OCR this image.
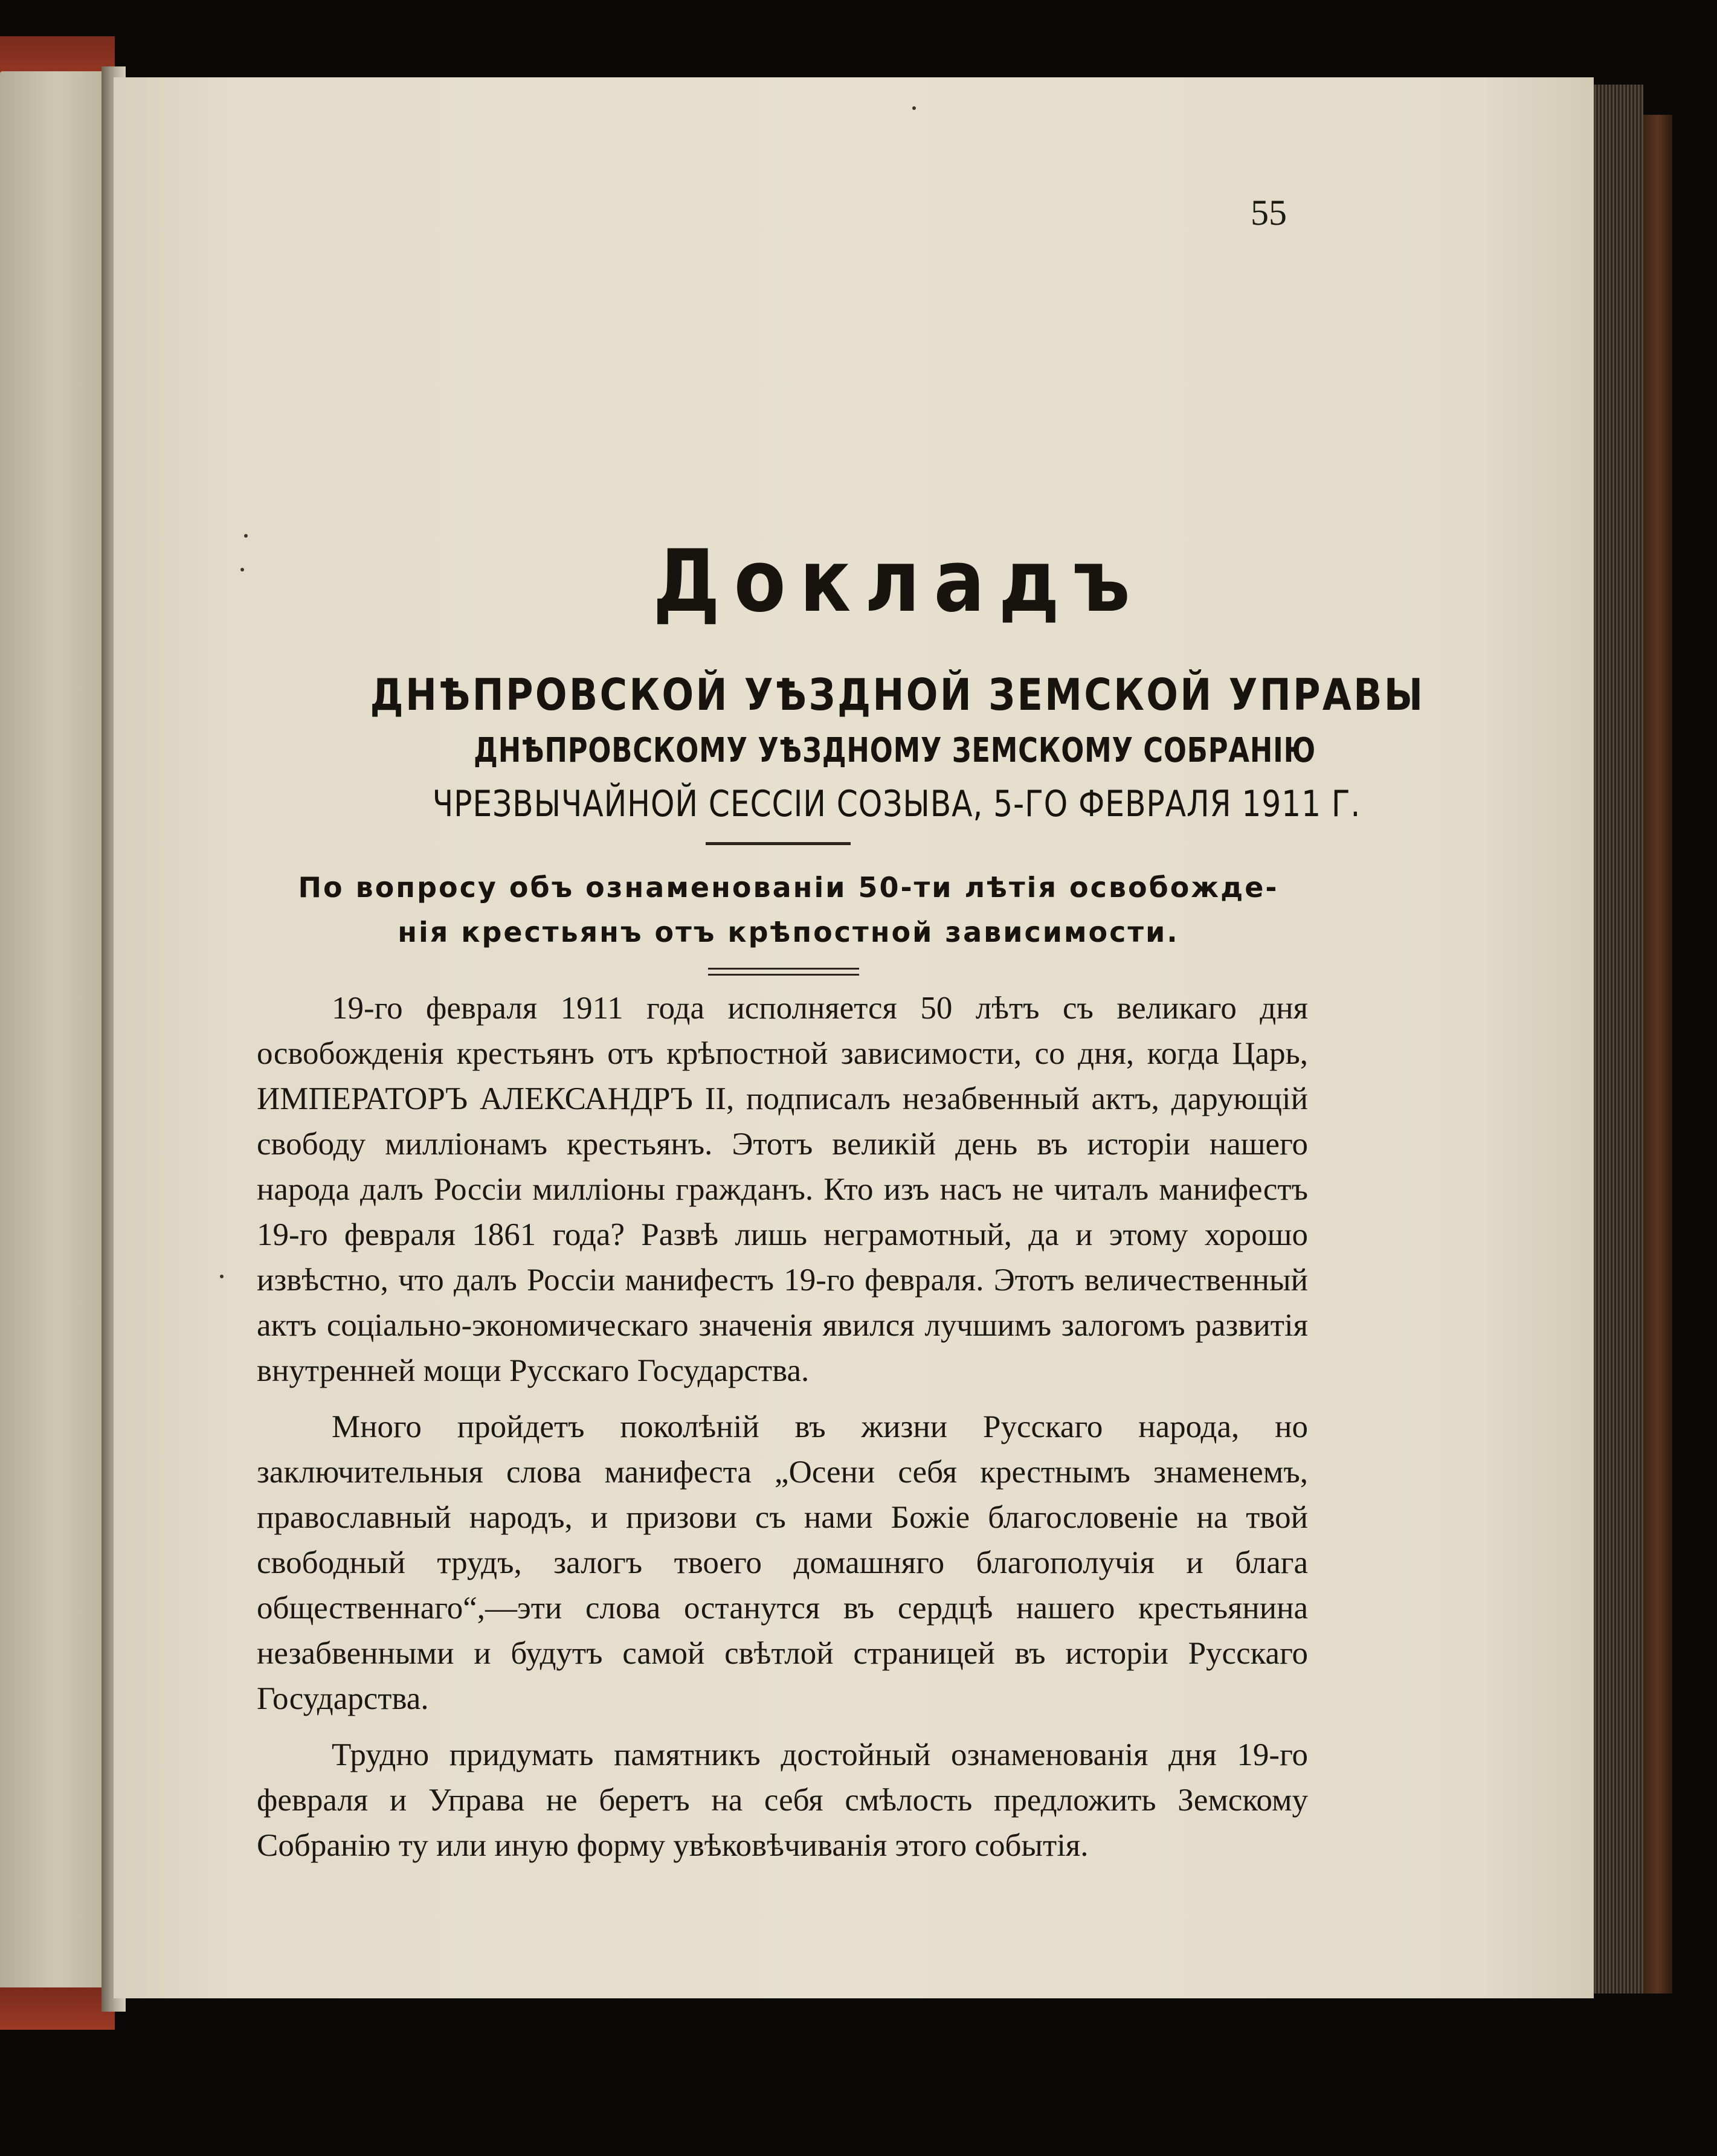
55
Докладъ
ДНѢПРОВСКОЙ УѢЗДНОЙ ЗЕМСКОЙ УПРАВЫ
ДНѢПРОВСКОМУ УѢЗДНОМУ ЗЕМСКОМУ СОБРАНІЮ
ЧРЕЗВЫЧАЙНОЙ СЕССІИ СОЗЫВА, 5-ГО ФЕВРАЛЯ 1911 Г.
По вопросу объ ознаменованіи 50-ти лѣтія освобожде-
нія крестьянъ отъ крѣпостной зависимости.

19-го февраля 1911 года исполняется 50 лѣтъ съ великаго дня освобожденія крестьянъ отъ крѣпостной зависимости, со дня, когда Царь, ИМПЕРАТОРЪ АЛЕКСАНДРЪ II, подписалъ незабвенный актъ, дарующій свободу милліонамъ крестьянъ. Этотъ великій день въ исторіи нашего народа далъ Россіи милліоны гражданъ. Кто изъ насъ не читалъ манифестъ 19-го февраля 1861 года? Развѣ лишь неграмотный, да и этому хорошо извѣстно, что далъ Россіи манифестъ 19-го февраля. Этотъ величественный актъ соціально-экономическаго значенія явился лучшимъ залогомъ развитія внутренней мощи Русскаго Государства.

Много пройдетъ поколѣній въ жизни Русскаго народа, но заключительныя слова манифеста „Осени себя крестнымъ знаменемъ, православный народъ, и призови съ нами Божіе благословеніе на твой свободный трудъ, залогъ твоего домашняго благополучія и блага общественнаго“,—эти слова останутся въ сердцѣ нашего крестьянина незабвенными и будутъ самой свѣтлой страницей въ исторіи Русскаго Государства.

Трудно придумать памятникъ достойный ознаменованія дня 19-го февраля и Управа не беретъ на себя смѣлость предложить Земскому Собранію ту или иную форму увѣковѣчиванія этого событія.
